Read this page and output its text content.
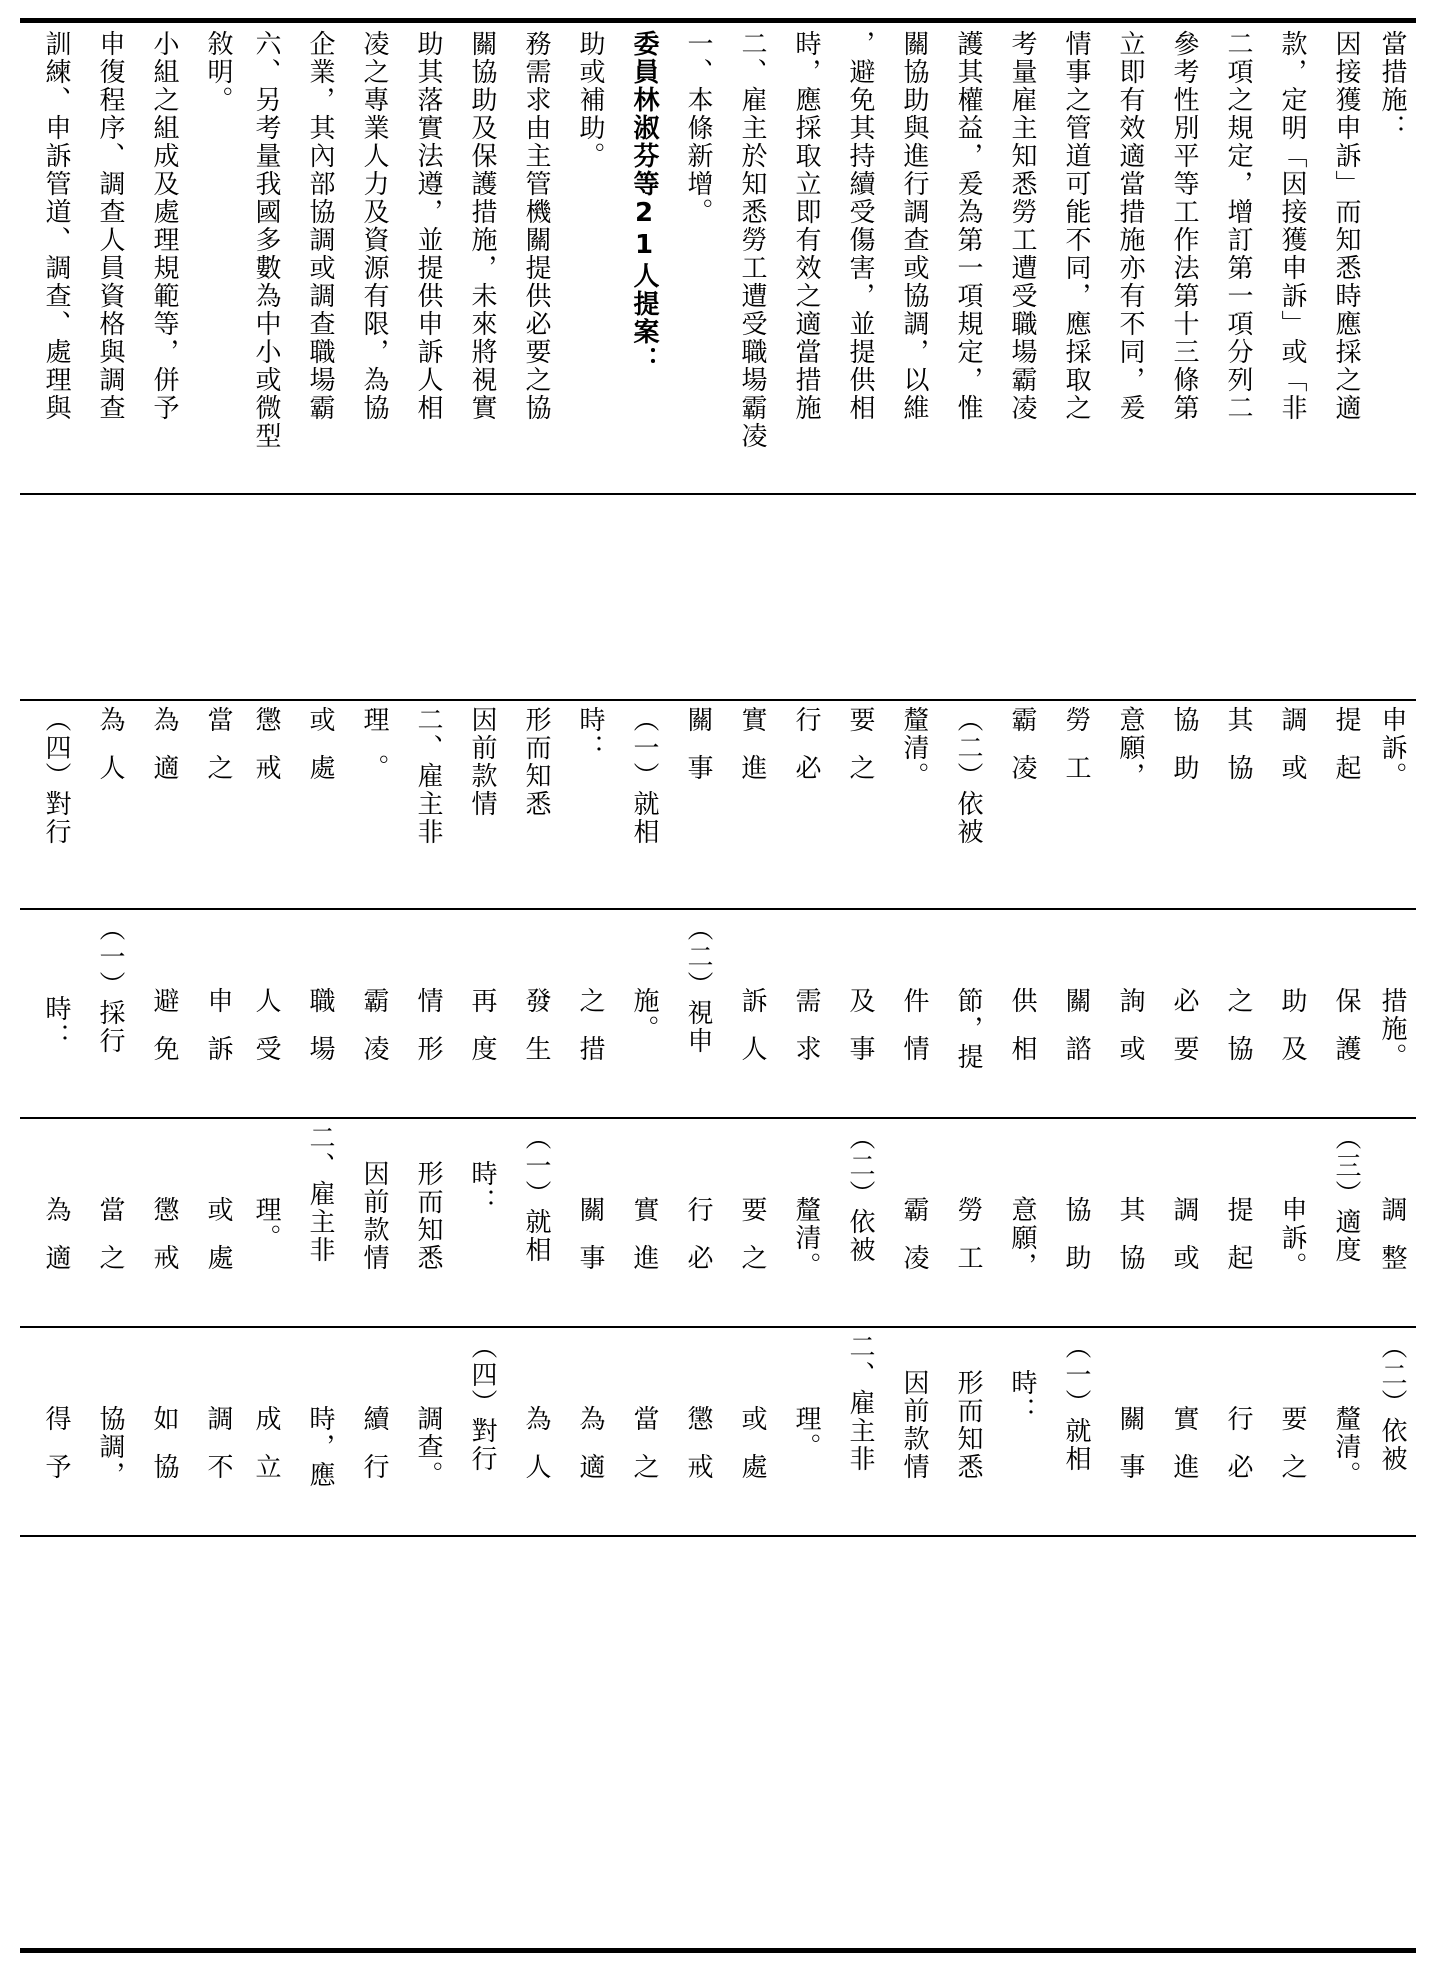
訓練、申訴管道、調查、處理與 申復程序、調查人員資格與調查 小組之組成及處理規範等，併予 敘明。 六、另考量我國多數為中小或微型 企業，其內部協調或調查職場霸 凌之專業人力及資源有限，為協 助其落實法遵，並提供申訴人相 關協助及保護措施，未來將視實 務需求由主管機關提供必要之協 助或補助。 委員林淑芬等21人提案： 一、本條新增。 二、雇主於知悉勞工遭受職場霸凌 時，應採取立即有效之適當措施 ，避免其持續受傷害，並提供相 關協助與進行調查或協調，以維 護其權益，爰為第一項規定，惟 考量雇主知悉勞工遭受職場霸凌 情事之管道可能不同，應採取之 立即有效適當措施亦有不同，爰 參考性別平等工作法第十三條第 二項之規定，增訂第一項分列二 款，定明「因接獲申訴」或「非 因接獲申訴」而知悉時應採之適 當措施：
（四）對行 為人 為適 當之 懲戒 或處 理。 二、雇主非 因前款情 形而知悉 時： （一）就相 關事 實進 行必 要之 釐清。 （二）依被 霸凌 勞工 意願， 協助 其協 調或 提起 申訴。
時： （一）採行 避免 申訴 人受 職場 霸凌 情形 再度 發生 之措 施。 （二）視申 訴人 需求 及事 件情 節，提 供相 關諮 詢或 必要 之協 助及 保護 措施。
為適 當之 懲戒 或處 理。 二、雇主非 因前款情 形而知悉 時： （一）就相 關事 實進 行必 要之 釐清。 （二）依被 霸凌 勞工 意願， 協助 其協 調或 提起 申訴。 （三）適度 調整
得予 協調， 如協 調不 成立 時，應 續行 調查。 （四）對行 為人 為適 當之 懲戒 或處 理。 二、雇主非 因前款情 形而知悉 時： （一）就相 關事 實進 行必 要之 釐清。 （二）依被
